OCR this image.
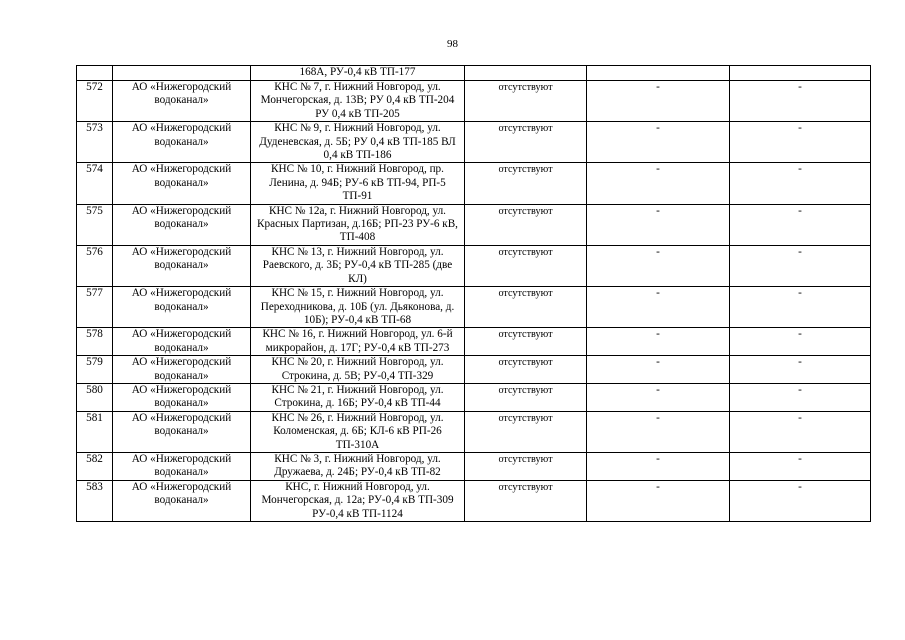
98
		168А, РУ-0,4 кВ ТП-177			
572	АО «Нижегородский водоканал»	КНС № 7, г. Нижний Новгород, ул. Мончегорская, д. 13В; РУ 0,4 кВ ТП-204 РУ 0,4 кВ ТП-205	отсутствуют	-	-
573	АО «Нижегородский водоканал»	КНС № 9, г. Нижний Новгород, ул. Дуденевская, д. 5Б; РУ 0,4 кВ ТП-185 ВЛ 0,4 кВ ТП-186	отсутствуют	-	-
574	АО «Нижегородский водоканал»	КНС № 10, г. Нижний Новгород, пр. Ленина, д. 94Б; РУ-6 кВ ТП-94, РП-5 ТП-91	отсутствуют	-	-
575	АО «Нижегородский водоканал»	КНС № 12а, г. Нижний Новгород, ул. Красных Партизан, д.16Б; РП-23 РУ-6 кВ, ТП-408	отсутствуют	-	-
576	АО «Нижегородский водоканал»	КНС № 13, г. Нижний Новгород, ул. Раевского, д. 3Б; РУ-0,4 кВ ТП-285 (две КЛ)	отсутствуют	-	-
577	АО «Нижегородский водоканал»	КНС № 15, г. Нижний Новгород, ул. Переходникова, д. 10Б (ул. Дьяконова, д. 10Б); РУ-0,4 кВ ТП-68	отсутствуют	-	-
578	АО «Нижегородский водоканал»	КНС № 16, г. Нижний Новгород, ул. 6-й микрорайон, д. 17Г; РУ-0,4 кВ ТП-273	отсутствуют	-	-
579	АО «Нижегородский водоканал»	КНС № 20, г. Нижний Новгород, ул. Строкина, д. 5В; РУ-0,4 ТП-329	отсутствуют	-	-
580	АО «Нижегородский водоканал»	КНС № 21, г. Нижний Новгород, ул. Строкина, д. 16Б; РУ-0,4 кВ ТП-44	отсутствуют	-	-
581	АО «Нижегородский водоканал»	КНС № 26, г. Нижний Новгород, ул. Коломенская, д. 6Б; КЛ-6 кВ РП-26 ТП-310А	отсутствуют	-	-
582	АО «Нижегородский водоканал»	КНС № 3, г. Нижний Новгород, ул. Дружаева, д. 24Б; РУ-0,4 кВ ТП-82	отсутствуют	-	-
583	АО «Нижегородский водоканал»	КНС, г. Нижний Новгород, ул. Мончегорская, д. 12а; РУ-0,4 кВ ТП-309 РУ-0,4 кВ ТП-1124	отсутствуют	-	-
